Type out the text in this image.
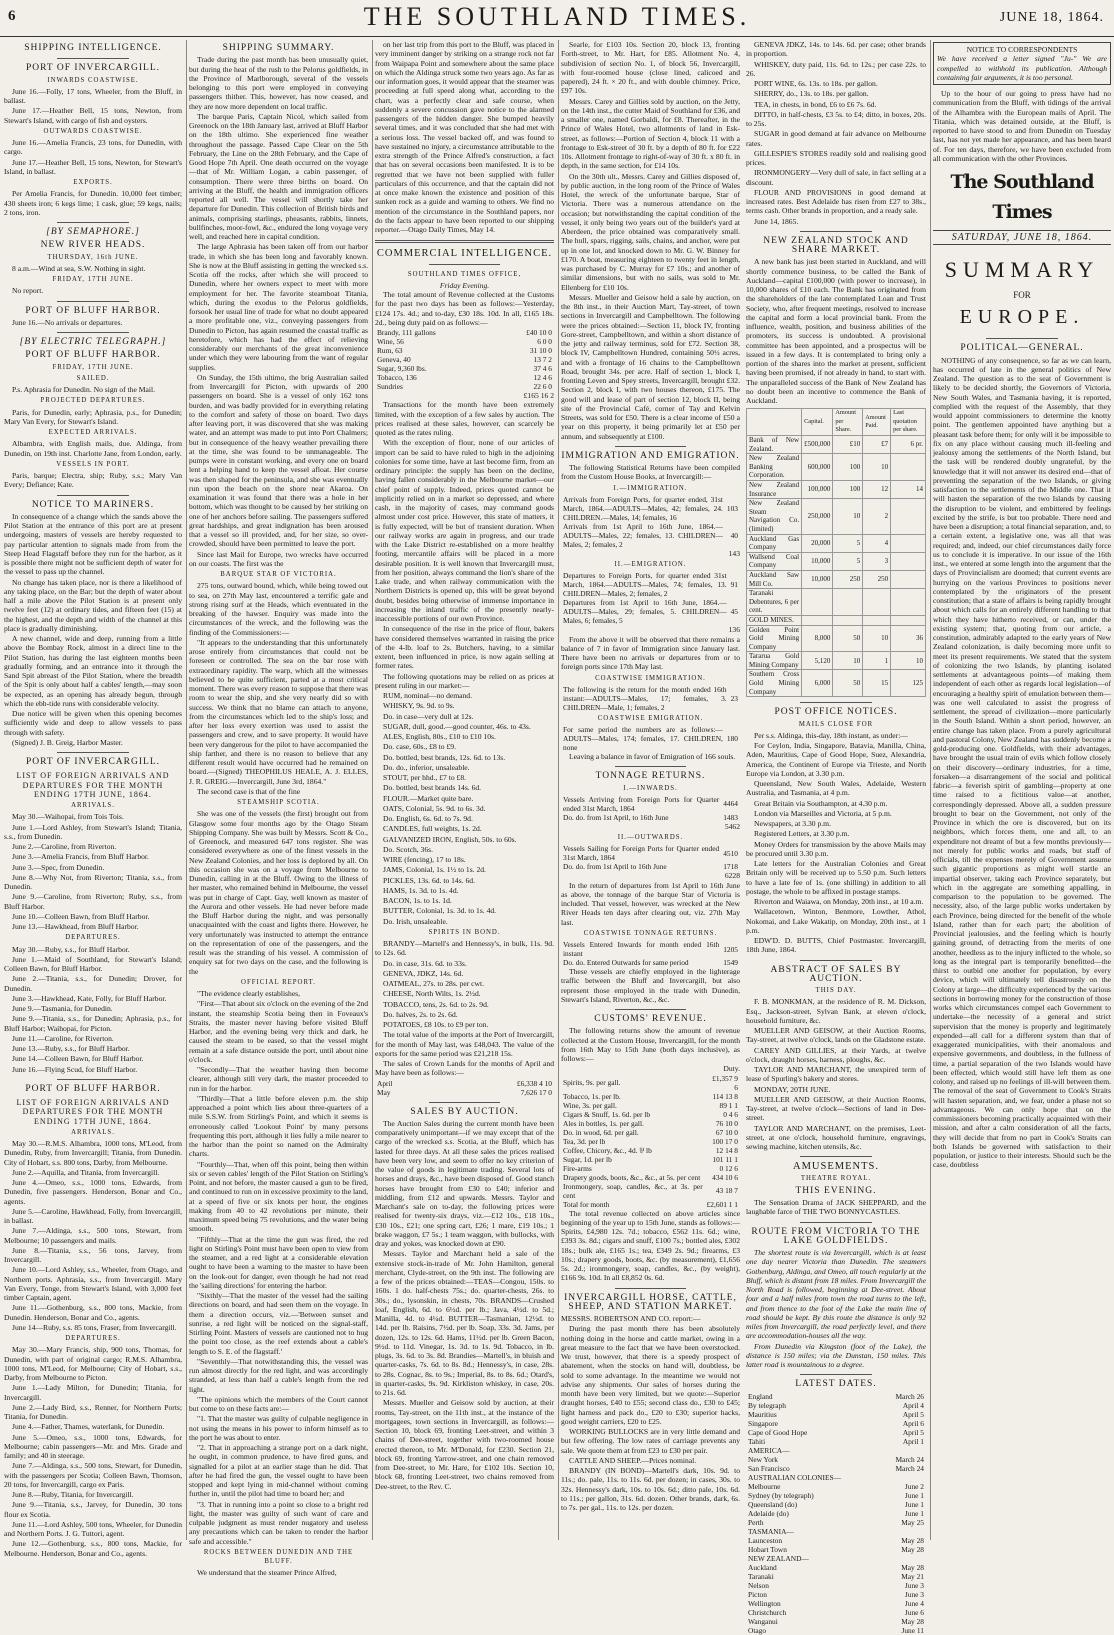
6	THE SOUTHLAND TIMES.	JUNE 18, 1864.
SHIPPING INTELLIGENCE.
PORT OF INVERCARGILL.
INWARDS COASTWISE.

June 16.—Folly, 17 tons, Wheeler, from the Bluff, in ballast.

June 17.—Heather Bell, 15 tons, Newton, from Stewart's Island, with cargo of fish and oysters.

OUTWARDS COASTWISE.

June 16.—Amelia Francis, 23 tons, for Dunedin, with cargo.

June 17.—Heather Bell, 15 tons, Newton, for Stewart's Island, in ballast.

EXPORTS.

Per Amelia Francis, for Dunedin. 10,000 feet timber; 430 sheets iron; 6 kegs lime; 1 cask, glue; 59 kegs, nails; 2 tons, iron.

[BY SEMAPHORE.]
NEW RIVER HEADS.
THURSDAY, 16th JUNE.

8 a.m.—Wind at sea, S.W. Nothing in sight.

FRIDAY, 17TH JUNE.

No report.

PORT OF BLUFF HARBOR.

June 16.—No arrivals or departures.

[BY ELECTRIC TELEGRAPH.]
PORT OF BLUFF HARBOR.
FRIDAY, 17TH JUNE.
SAILED.

P.s. Aphrasia for Dunedin. No sign of the Mail.

PROJECTED DEPARTURES.

Paris, for Dunedin, early; Aphrasia, p.s., for Dunedin; Mary Van Every, for Stewart's Island.

EXPECTED ARRIVALS.

Albambra, with English mails, due. Aldinga, from Dunedin, on 19th inst. Charlotte Jane, from London, early.

VESSELS IN PORT.

Paris, barque; Electra, ship; Ruby, s.s.; Mary Van Every; Defiance; Kate.

NOTICE TO MARINERS.

In consequence of a change which the sands above the Pilot Station at the entrance of this port are at present undergoing, masters of vessels are hereby requested to pay particular attention to signals made from from the Steep Head Flagstaff before they run for the harbor, as it is possible there might not be sufficient depth of water for the vessel to pass up the channel.

No change has taken place, nor is there a likelihood of any taking place, on the Bar; but the depth of water about half a mile above the Pilot Station is at present only twelve feet (12) at ordinary tides, and fifteen feet (15) at the highest, and the depth and width of the channel at this place is gradually diminishing.

A new channel, wide and deep, running from a little above the Bombay Rock, almost in a direct line to the Pilot Station, has during the last eighteen months been gradually forming, and an entrance into it through the Sand Spit abreast of the Pilot Station, where the breadth of the Spit is only about half a cables' length,—may soon be expected, as an opening has already begun, through which the ebb-tide runs with considerable velocity.

Due notice will be given when this opening becomes sufficiently wide and deep to allow vessels to pass through with safety.

(Signed) J. B. Greig, Harbor Master.

PORT OF INVERCARGILL.
LIST OF FOREIGN ARRIVALS AND DEPARTURES FOR THE MONTH ENDING 17TH JUNE, 1864.
ARRIVALS.

May 30.—Waihopai, from Tois Tois.

June 1.—Lord Ashley, from Stewart's Island; Titania, s.s., from Dunedin.

June 2.—Caroline, from Riverton.

June 3.—Amelia Francis, from Bluff Harbor.

June 3.—Spec, from Dunedin.

June 8.—Why Not, from Riverton; Titania, s.s., from Dunedin.

June 9.—Caroline, from Riverton; Ruby, s.s., from Bluff Harbor.

June 10.—Colleen Bawn, from Bluff Harbor.

June 13.—Hawkhead, from Bluff Harbor.

DEPARTURES.

May 30.—Ruby, s.s., for Bluff Harbor.

June 1.—Maid of Southland, for Stewart's Island; Colleen Bawn, for Bluff Harbor.

June 2.—Titania, s.s., for Dunedin; Drover, for Dunedin.

June 3.—Hawkhead, Kate, Folly, for Bluff Harbor.

June 9.—Tasmania, for Dunedin.

June 9.—Titania, s.s., for Dunedin; Aphrasia, p.s., for Bluff Harbor; Waihopai, for Picton.

June 11.—Caroline, for Riverton.

June 13.—Ruby, s.s., for Bluff Harbor.

June 14.—Colleen Bawn, for Bluff Harbor.

June 16.—Flying Scud, for Bluff Harbor.

PORT OF BLUFF HARBOR.
LIST OF FOREIGN ARRIVALS AND DEPARTURES FOR THE MONTH ENDING 17TH JUNE, 1864.
ARRIVALS.

May 30.—R.M.S. Alhambra, 1000 tons, M'Leod, from Dunedin, Ruby, from Invercargill; Titania, from Dunedin. City of Hobart, s.s. 800 tons, Darby, from Melbourne.

June 2.—Aquilla, and Titania, from Invercargill.

June 4.—Omeo, s.s., 1000 tons, Edwards, from Dunedin, five passengers. Henderson, Bonar and Co., agents.

June 5.—Caroline, Hawkhead, Folly, from Invercargill, in ballast.

June 7.—Aldinga, s.s., 500 tons, Stewart, from Melbourne; 10 passengers and mails.

June 8.—Titania, s.s., 56 tons, Jarvey, from Invercargill.

June 10.—Lord Ashley, s.s., Wheeler, from Otago, and Northern ports. Aphrasia, s.s., from Invercargill. Mary Van Every, Tonge, from Stewart's Island, with 3,000 feet timber Captain, agent.

June 11.—Gothenburg, s.s., 800 tons, Mackie, from Dunedin. Henderson, Bonar and Co., agents.

June 14—Ruby, s.s. 85 tons, Fraser, from Invercargill.

DEPARTURES.

May 30.—Mary Francis, ship, 900 tons, Thomas, for Dunedin, with part of original cargo; R.M.S. Alhambra, 1000 tons, M'Leod, for Melbourne; City of Hobart, s.s., Darby, from Melbourne to Picton.

June 1.—Lady Milton, for Dunedin; Titania, for Invercargill.

June 2.—Lady Bird, s.s., Renner, for Northern Ports; Titania, for Dunedin.

June 4.—Father, Thames, waterlank, for Dunedin.

June 5.—Omeo, s.s., 1000 tons, Edwards, for Melbourne; cabin passengers—Mr. and Mrs. Grade and family; and 40 in steerage.

June 7.—Aldinga, s.s., 500 tons, Stewart, for Dunedin, with the passengers per Scotia; Colleen Bawn, Thomson, 20 tons, for Invercargill, cargo ex Paris.

June 8.—Ruby, Titania, for Invercargill.

June 9.—Titania, s.s., Jarvey, for Dunedin, 30 tons flour ex Scotia.

June 11.—Lord Ashley, 500 tons, Wheeler, for Dunedin and Northern Ports. J. G. Tuttori, agent.

June 12.—Gothenburg, s.s., 800 tons, Mackie, for Melbourne. Henderson, Bonar and Co., agents.

SHIPPING SUMMARY.

Trade during the past month has been unusually quiet, but during the heat of the rush to the Pelorus goldfields, in the Province of Marlborough, several of the vessels belonging to this port were employed in conveying passengers thither. This, however, has now ceased, and they are now more dependent on local traffic.

The barque Paris, Captain Nicol, which sailed from Greenock on the 18th January last, arrived at Bluff Harbor on the 18th ultimo. She experienced fine weather throughout the passage. Passed Cape Clear on the 5th February, the Line on the 28th February, and the Cape of Good Hope 7th April. One death occurred on the voyage—that of Mr. William Logan, a cabin passenger, of consumption. There were three births on board. On arriving at the Bluff, the health and immigration officers reported all well. The vessel will shortly take her departure for Dunedin. This collection of British birds and animals, comprising starlings, pheasants, rabbits, linnets, bullfinches, moor-fowl, &c., endured the long voyage very well, and reached here in capital condition.

The large Aphrasia has been taken off from our harbor trade, in which she has been long and favorably known. She is now at the Bluff assisting in getting the wrecked s.s. Scotia off the rocks, after which she will proceed to Dunedin, where her owners expect to meet with more employment for her. The favorite steamboat Titania, which, during the exodus to the Pelorus goldfields, forsook her usual line of trade for what no doubt appeared a more profitable one, viz., conveying passengers from Dunedin to Picton, has again resumed the coastal traffic as heretofore, which has had the effect of relieving considerably our merchants of the great inconvenience under which they were labouring from the want of regular supplies.

On Sunday, the 15th ultimo, the brig Australian sailed from Invercargill for Picton, with upwards of 200 passengers on board. She is a vessel of only 162 tons burden, and was badly provided for in everything relating to the comfort and safety of those on board. Two days after leaving port, it was discovered that she was making water, and an attempt was made to put into Port Chalmers; but in consequence of the heavy weather prevailing there at the time, she was found to be unmanageable. The pumps were in constant working, and every one on board lent a helping hand to keep the vessel afloat. Her course was then shaped for the peninsula, and she was eventually run upon the beach on the shore near Akaroa. On examination it was found that there was a hole in her bottom, which was thought to be caused by her striking on one of her anchors before sailing. The passengers suffered great hardships, and great indignation has been aroused that a vessel so ill provided, and, for her size, so over-crowded, should have been permitted to leave the port.

Since last Mail for Europe, two wrecks have occurred on our coasts. The first was the

BARQUE STAR OF VICTORIA.

275 tons, outward bound, which, while being towed out to sea, on 27th May last, encountered a terrific gale and strong rising surf at the Heads, which eventuated in the breaking of the hawser. Enquiry was made into the circumstances of the wreck, and the following was the finding of the Commissioners:—

"It appears to the understanding that this unfortunately arose entirely from circumstances that could not be foreseen or controlled. The sea on the bar rose with extraordinary rapidity. The warp, which all the witnesses believed to be quite sufficient, parted at a most critical moment. There was every reason to suppose that there was room to wear the ship, and she very nearly did so with success. We think that no blame can attach to anyone, from the circumstances which led to the ship's loss; and after her loss every exertion was used to assist the passengers and crew, and to save property. It would have been very dangerous for the pilot to have accompanied the ship farther, and there is no reason to believe that any different result would have occurred had he remained on board.—(Signed) THEOPHILUS HEALE, A. J. ELLES, J. R. GREIG.—Invercargill, June 3rd, 1864."

The second case is that of the fine

STEAMSHIP SCOTIA.

She was one of the vessels (the first) brought out from Glasgow some four months ago by the Otago Steam Shipping Company. She was built by Messrs. Scott & Co., of Greenock, and measured 647 tons register. She was considered everywhere as one of the finest vessels in the New Zealand Colonies, and her loss is deplored by all. On this occasion she was on a voyage from Melbourne to Dunedin, calling in at the Bluff. Owing to the illness of her master, who remained behind in Melbourne, the vessel was put in charge of Capt. Gay, well known as master of the Aurora and other vessels. He had never before made the Bluff Harbor during the night, and was personally unacquainted with the coast and lights there. However, he very unfortunately was instructed to attempt the entrance on the representation of one of the passengers, and the result was the stranding of his vessel. A commission of enquiry sat for two days on the case, and the following is the

OFFICIAL REPORT.

"The evidence clearly establishes,

"First—That about six o'clock on the evening of the 2nd instant, the steamship Scotia being then in Foveaux's Straits, the master never having before visited Bluff Harbor, and the evening being very thick and dark, he caused the steam to be eased, so that the vessel might remain at a safe distance outside the port, until about nine o'clock.

"Secondly—That the weather having then become clearer, although still very dark, the master proceeded to run in for the harbor.

"Thirdly—That a little before eleven p.m. the ship approached a point which lies about three-quarters of a mile S.S.W. from Stirling's Point, and which it seems is erroneously called 'Lookout Point' by many persons frequenting this port, although it lies fully a mile nearer to the harbor than the point so named on the Admiralty charts.

"Fourthly—That, when off this point, being then within six or seven cables' length of the Pilot Station on Stirling's Point, and not before, the master caused a gun to be fired, and continued to run on in excessive proximity to the land, at a speed of five or six knots per hour, the engines making from 40 to 42 revolutions per minute, their maximum speed being 75 revolutions, and the water being smooth.

"Fifthly—That at the time the gun was fired, the red light on Stirling's Point must have been open to view from the steamer, and a red light at a considerable elevation ought to have been a warning to the master to have been on the look-out for danger, even though he had not read the 'sailing directions' for entering the harbor.

"Sixthly—That the master of the vessel had the sailing directions on board, and had seen them on the voyage. In them a direction occurs, viz.—'Between sunset and sunrise, a red light will be noticed on the signal-staff, Stirling Point. Masters of vessels are cautioned not to hug the point too close, as the reef extends about a cable's length to S. E. of the flagstaff.'

"Seventhly—That notwithstanding this, the vessel was run almost directly for the red light, and was accordingly stranded, at less than half a cable's length from the red light.

"The opinions which the members of the Court cannot but come to on these facts are:—

"1. That the master was guilty of culpable negligence in not using the means in his power to inform himself as to the port he was about to enter.

"2. That in approaching a strange port on a dark night, he ought, in common prudence, to have fired guns, and signalled for a pilot at an earlier stage than he did. That after he had fired the gun, the vessel ought to have been stopped and kept lying in mid-channel without coming further in, until the pilot had time to board her; and

"3. That in running into a point so close to a bright red light, the master was guilty of such want of care and culpable judgment as must render nugatory and useless any precautions which can be taken to render the harbor safe and accessible."

ROCKS BETWEEN DUNEDIN AND THE BLUFF.

We understand that the steamer Prince Alfred,

on her last trip from this port to the Bluff, was placed in very imminent danger by striking on a strange rock not far from Waipapa Point and somewhere about the same place on which the Aldinga struck some two years ago. As far as our information goes, it would appear that the steamer was proceeding at full speed along what, according to the chart, was a perfectly clear and safe course, when suddenly a severe concussion gave notice to the alarmed passengers of the hidden danger. She bumped heavily several times, and it was concluded that she had met with a serious loss. The vessel backed off, and was found to have sustained no injury, a circumstance attributable to the extra strength of the Prince Alfred's construction, a fact that has on several occasions been manifested. It is to be regretted that we have not been supplied with fuller particulars of this occurrence, and that the captain did not at once make known the existence and position of this sunken rock as a guide and warning to others. We find no mention of the circumstance in the Southland papers, nor do the facts appear to have been reported to our shipping reporter.—Otago Daily Times, May 14.

COMMERCIAL INTELLIGENCE.
SOUTHLAND TIMES OFFICE,
Friday Evening.

The total amount of Revenue collected at the Customs for the past two days has been as follows:—Yesterday, £124 17s. 4d.; and to-day, £30 18s. 10d. In all, £165 18s. 2d., being duty paid on as follows:—

Brandy, 111 gallons	£40 10 0
Wine, 56	6 0 0
Rum, 63	31 10 0
Geneva, 40	13 7 2
Sugar, 9,360 lbs.	37 4 6
Tobacco, 136	12 4 6
Sundries	22 6 0
£165 16 2

Transactions for the month have been extremely limited, with the exception of a few sales by auction. The prices realised at these sales, however, can scarcely be quoted as the rates ruling.

With the exception of flour, none of our articles of import can be said to have ruled to high in the adjoining colonies for some time, have at last become firm, from an ordinary principle: the supply has been on the decline, having fallen considerably in the Melbourne market—our chief point of supply. Indeed, prices quoted cannot be implicitly relied on in a market so depressed, and where cash, in the majority of cases, may command goods almost under cost price. However, this state of matters, it is fully expected, will be but of transient duration. When our railway works are again in progress, and our trade with the Lake District re-established on a more healthy footing, mercantile affairs will be placed in a more desirable position. It is well known that Invercargill must, from her position, always command the lion's share of the Lake trade, and when railway communication with the Northern Districts is opened up, this will be great beyond doubt, besides being otherwise of immense importance in increasing the inland traffic of the presently nearly-inaccessible portions of our own Province.

In consequence of the rise in the price of flour, bakers have considered themselves warranted in raising the price of the 4-lb. loaf to 2s. Butchers, having, to a similar extent, been influenced in price, is now again selling at former rates.

The following quotations may be relied on as prices at present ruling in our market:—

RUM, nominal—no demand.

WHISKY, 9s. 9d. to 9s.

Do. in case—very dull at 12s.

SUGAR, dull, good.—good counter, 46s. to 43s.

ALES, English, 80s., £10 to £10 10s.

Do. case, 60s., £8 to £9.

Do. bottled, best brands, 12s. 6d. to 13s.

Do. do., inferior, unsaleable.

STOUT, per hhd., £7 to £8.

Do. bottled, best brands 14s. 6d.

FLOUR.—Market quite bare.

OATS, Colonial, 5s. 9d. to 6s. 3d.

Do. English, 6s. 6d. to 7s. 9d.

CANDLES, full weights, 1s. 2d.

GALVANIZED IRON, English, 50s. to 60s.

Do. Scotch, 36s.

WIRE (fencing), 17 to 18s.

JAMS, Colonial, 1s. 1½ to 1s. 2d.

PICKLES, 13s. 6d. to 14s. 6d.

HAMS, 1s. 3d. to 1s. 4d.

BACON, 1s. to 1s. 1d.

BUTTER, Colonial, 1s. 3d. to 1s. 4d.

Do. Irish, unsaleable.

SPIRITS IN BOND.

BRANDY—Martell's and Hennessy's, in bulk, 11s. 9d. to 12s. 6d.

Do. in case, 31s. 6d. to 33s.

GENEVA, JDKZ, 14s. 6d.

OATMEAL, 27s. to 28s. per cwt.

CHEESE, North Wilts, 1s. 2½d.

TOBACCO, tens, 2s. 6d. to 2s. 9d.

Do. halves, 2s. to 2s. 6d.

POTATOES, £8 10s. to £9 per ton.

The total value of the imports at the Port of Invercargill, for the month of May last, was £48,043. The value of the exports for the same period was £21,218 15s.

The sales of Crown Lands for the months of April and May have been as follows:—

April	£6,338 4 10
May	7,626 17 0
SALES BY AUCTION.

The Auction Sales during the current month have been comparatively unimportant—if we may except that of the cargo of the wrecked s.s. Scotia, at the Bluff, which has lasted for three days. At all these sales the prices realised have been very low, and seem to offer no key criterion of the value of goods in legitimate trading. Several lots of horses and drays, &c., have been disposed of. Good stanch horses have brought from £30 to £40; inferior and middling, from £12 and upwards. Messrs. Taylor and Marchant's sale on to-day, the following prices were realised for twenty-six drays, viz.—£12 10s., £18 10s., £30 10s., £21; one spring cart, £26; 1 mare, £19 10s.; 1 brake waggon, £7 5s.; 1 team waggon, with bullocks, with dray and yokes, was knocked down at £90.

Messrs. Taylor and Marchant held a sale of the extensive stock-in-trade of Mr. John Hamilton, general merchant, Clyde-street, on the 9th inst. The following are a few of the prices obtained:—TEAS—Congou, 150s. to 160s. 1 do. half-chests 75s.; do. quarter-chests, 26s. to 30s.; do., lysonskin, in chests, 70s. BRANDS—Crushed loaf, English, 6d. to 6½d. per lb.; Java, 4½d. to 5d.; Manilla, 4d. to 4¼d. BUTTER—Tasmanian, 12½d. to 14d. per lb. Raisins, 7½d. per lb. Soap, 33s. 3d. Jams, per dozen, 12s. to 12s. 6d. Hams, 11½d. per lb. Green Bacon, 9½d. to 11d. Vinegar, 1s. 3d. to 1s. 9d. Tobacco, in lb. plugs, 3s. 6d. to 3s. 8d. Brandies—Martell's, in bluish and quarter-casks, 7s. 6d. to 8s. 8d.; Hennessy's, in case, 28s. to 28s. Cognac, 8s. to 9s.; Imperial, 8s. to 8s. 6d.; Otard's, in quarter-casks, 9s. 9d. Kirkliston whiskey, in case, 20s. to 21s. 6d.

Messrs. Mueller and Geisow sold by auction, at their rooms, Tay-street, on the 11th inst., at the instance of the mortgagees, town sections in Invercargill, as follows:—Section 10, block 69, fronting Leet-street, and within 3 chains of Dee-street, together with two-roomed house erected thereon, to Mr. M'Donald, for £230. Section 21, block 69, fronting Yarrow-street, and one chain removed from Dee-street, to Mr. Hare, for £102 10s. Section 10, block 68, fronting Leet-street, two chains removed from Dee-street, to the Rev. C.

Searle, for £103 10s. Section 20, block 13, fronting Forth-street, to Mr. Hart, for £85. Allotment No. 4, subdivision of section No. 1, of block 56, Invercargill, with four-roomed house (close lined, calicoed and papered), 24 ft. × 20 ft., and with double chimney. Price, £97 10s.

Messrs. Carey and Gillies sold by auction, on the Jetty, on the 14th inst., the cutter Maid of Southland for £36, and a smaller one, named Gorbaldi, for £8. Thereafter, in the Prince of Wales Hotel, two allotments of land in Esk-street, as follows:—Portion of Section 4, block 11 with a frontage to Esk-street of 30 ft. by a depth of 80 ft. for £22 10s. Allotment frontage to right-of-way of 30 ft. x 80 ft. in depth, in the same section, for £14 10s.

On the 30th ult., Messrs. Carey and Gillies disposed of, by public auction, in the long room of the Prince of Wales Hotel, the wreck of the unfortunate barque, Star of Victoria. There was a numerous attendance on the occasion; but notwithstanding the capital condition of the vessel, it only being two years out of the builder's yard at Aberdeen, the price obtained was comparatively small. The hull, spars, rigging, sails, chains, and anchor, were put up in one lot, and knocked down to Mr. G. W. Binney for £170. A boat, measuring eighteen to twenty feet in length, was purchased by C. Murray for £7 10s.; and another of similar dimensions, but with no sails, was sold to Mr. Ellenberg for £10 10s.

Messrs. Mueller and Geisow held a sale by auction, on the 8th inst., in their Auction Mart, Tay-street, of town sections in Invercargill and Campbelltown. The following were the prices obtained:—Section 11, block IV, fronting Gore-street, Campbelltown, and within a short distance of the jetty and railway terminus, sold for £72. Section 38, block IV, Campbelltown Hundred, containing 50½ acres, and with a frontage of 16 chains to the Campbelltown Road, brought 34s. per acre. Half of section 1, block I, fronting Leven and Spey streets, Invercargill, brought £32. Section 2, block I, with two houses thereon, £175. The good will and lease of part of section 12, block II, being site of the Provincial Café, corner of Tay and Kelvin Streets, was sold for £50. There is a clear income of £50 a year on this property, it being primarily let at £50 per annum, and subsequently at £100.

IMMIGRATION AND EMIGRATION.

The following Statistical Returns have been compiled from the Custom House Books, at Invercargill:—

I.—IMMIGRATION.
Arrivals from Foreign Ports, for quarter ended, 31st March, 1864.—ADULTS—Males, 42; females, 24. CHILDREN.—Males, 14; females, 16	103
Arrivals from 1st April to 16th June, 1864.—ADULTS—Males, 22; females, 13. CHILDREN—Males, 2; females, 2	40
143
II.—EMIGRATION.
Departures to Foreign Ports, for quarter ended 31st March, 1864.—ADULTS—Males, 74; females, 13. CHILDREN—Males, 2; females, 2	91
Departures from 1st April to 16th June, 1864.—ADULTS—Males, 29; females, 5. CHILDREN—Males, 6; females, 5	45
136

From the above it will be observed that there remains a balance of 7 in favor of Immigration since January last. There have been no arrivals or departures from or to foreign ports since 17th May last.

COASTWISE IMMIGRATION.
The following is the return for the month ended 16th instant:—ADULTS—Males, 17; females, 3. CHILDREN—Male, 1; females, 2	23
COASTWISE EMIGRATION.
For same period the numbers are as follows:—ADULTS—Males, 174; females, 17. CHILDREN, none	180

Leaving a balance in favor of Emigration of 166 souls.

TONNAGE RETURNS.
I.—INWARDS.
Vessels Arriving from Foreign Ports for Quarter ended 31st March, 1864	4464
Do. do. from 1st April, to 16th June	1483
5462
II.—OUTWARDS.
Vessels Sailing for Foreign Ports for Quarter ended 31st March, 1864	4510
Do. do. from 1st April to 16th June	1718
6228

In the return of departures from 1st April to 16th June as above, the tonnage of the barque Star of Victoria is included. That vessel, however, was wrecked at the New River Heads ten days after clearing out, viz. 27th May last.

COASTWISE TONNAGE RETURNS.
Vessels Entered Inwards for month ended 16th instant	1205
Do. do. Entered Outwards for same period	1549

These vessels are chiefly employed in the lighterage traffic between the Bluff and Invercargill, but also represent those employed in the trade with Dunedin, Stewart's Island, Riverton, &c., &c.

CUSTOMS' REVENUE.

The following returns show the amount of revenue collected at the Custom House, Invercargill, for the month from 16th May to 15th June (both days inclusive), as follows:—

Duty.
Spirits, 9s. per gall.	£1,357 9 6
Tobacco, 1s. per lb.	114 13 8
Wine, 3s. per gall.	89 1 1
Cigars & Snuff, 1s. 6d. per lb	0 4 6
Ales in bottles, 1s. per gall.	76 10 0
Do. in wood, 6d. per gall.	67 10 0
Tea, 3d. per lb	100 17 0
Coffee, Chicory, &c., 4d. ⅌ lb	12 14 8
Sugar, 1d. per lb	101 11 1
Fire-arms	0 12 6
Drapery goods, boots, &c., &c., at 5s. per cent	434 10 6
Ironmongery, soap, candles, &c., at 3s. per cent	43 18 7
Total for month	£2,601 1 1

The total revenue collected on above articles since beginning of the year up to 15th June, stands as follows:—Spirits, £4,980 12s. 7d.; tobacco, £562 11s. 6d.; wine, £393 3s. 8d.; cigars and snuff, £100 7s.; bottled ales, £302 18s.; bulk ale, £165 1s.; tea, £349 2s. 9d.; firearms, £3 10s.; drapery goods, boots, &c. (by measurement), £1,656 5s. 2d.; ironmongery, soap, candles, &c., (by weight), £166 9s. 10d. In all £8,852 0s. 6d.

INVERCARGILL HORSE, CATTLE, SHEEP, AND STATION MARKET.

MESSRS. ROBERTSON AND CO. report:—

During the past month there has been absolutely nothing doing in the horse and cattle market, owing in a great measure to the fact that we have been overstocked. We trust, however, that there is a speedy prospect of abatement, when the stocks on hand will, doubtless, be sold to some advantage. In the meantime we would not advise any shipments. Our sales of horses during the month have been very limited, but we quote:—Superior draught horses, £40 to £55; second class do., £30 to £45; light harness and pack do., £20 to £30; superior hacks, good weight carriers, £20 to £25.

WORKING BULLOCKS are in very little demand and but few offering. The low rates of carriage prevents any sale. We quote them at from £23 to £30 per pair.

CATTLE AND SHEEP.—Prices nominal.

BRANDY (IN BOND)—Martell's dark, 10s. 9d. to 11s.; do. pale, 11s. to 11s. 6d. per dozen; in cases, 30s. to 32s. Hennessy's dark, 10s. to 10s. 6d.; ditto pale, 10s. 6d. to 11s.; per gallon, 31s. 6d. dozen. Other brands, dark, 6s. to 7s. per gal., 11s. to 12s. per dozen.

NOTICE TO CORRESPONDENTS
We have received a letter signed "Ju-" We are compelled to withhold its publication. Although containing fair arguments, it is too personal.

Up to the hour of our going to press have had no communication from the Bluff, with tidings of the arrival of the Alhambra with the European mails of April. The Titania, which was detained outside, at the Bluff, is reported to have stood to and from Dunedin on Tuesday last, has not yet made her appearance, and has been heard of. For ten days, therefore, we have been excluded from all communication with the other Provinces.

The Southland Times
SATURDAY, JUNE 18, 1864.
SUMMARY
FOR
EUROPE.
POLITICAL—GENERAL.

NOTHING of any consequence, so far as we can learn, has occurred of late in the general politics of New Zealand. The question as to the seat of Government is likely to be decided shortly, the Governors of Victoria, New South Wales, and Tasmania having, it is reported, complied with the request of the Assembly, that they would appoint commissioners to determine the knotty point. The gentlemen appointed have anything but a pleasant task before them; for only will it be impossible to fix on any place without causing much ill-feeling and jealousy among the settlements of the North Island, but the task will be rendered doubly ungrateful, by the knowledge that it will not answer its desired end—that of preventing the separation of the two Islands, or giving satisfaction to the settlements of the Middle one. That it will hasten the separation of the two Islands by causing the disruption to be violent, and embittered by feelings excited by the strife, is but too probable. There need and have been a disruption; a total financial separation, and, to a certain extent, a legislative one, was all that was required; and, indeed, our chief circumstances daily force us to conclude it is imperative. In our issue of the 16th inst., we entered at some length into the argument that the days of Provincialism are doomed; that current events are hurrying on the various Provinces to positions never contemplated by the originators of the present constitution; that a state of affairs is being rapidly brought about which calls for an entirely different handling to that which they have hitherto received, or can, under the existing system; that, quoting from our article, a constitution, admirably adapted to the early years of New Zealand colonization, is daily becoming more unfit to meet its present requirements. We stated that the system of colonizing the two Islands, by planting isolated settlements at advantageous points—of making them independent of each other as regards local legislation—of encouraging a healthy spirit of emulation between them—was one well calculated to assist the progress of settlement, the spread of civilization—more particularly in the South Island. Within a short period, however, an entire change has taken place. From a purely agricultural and pastoral Colony, New Zealand has suddenly become a gold-producing one. Goldfields, with their advantages, have brought the usual train of evils which follow closely on their discovery—ordinary industries, for a time, forsaken—a disarrangement of the social and political fabric—a feverish spirit of gambling—property at one time raised to a fictitious value—at another, correspondingly depressed. Above all, a sudden pressure brought to bear on the Government, not only of the Province in which the ore is discovered, but on its neighbors, which forces them, one and all, to an expenditure not dreamt of but a few months previously—not merely for public works and roads, but staff of officials, till the expenses merely of Government assume such gigantic proportions as might well startle an impartial observer, taking each Province separately, but which in the aggregate are something appalling, in comparison to the population to be governed. The necessity, also, of the large public works undertaken by each Province, being directed for the benefit of the whole Island, rather than for each part; the abolition of Provincial jealousies, and the feeling which is hourly gaining ground, of detracting from the merits of one another, heedless as to the injury inflicted to the whole, so long as the integral part is temporarily benefitted—the thirst to outbid one another for population, by every device, which will ultimately tell disastrously on the Colony at large—the difficulty experienced by the various sections in borrowing money for the construction of those works which circumstances compel each Government to undertake—the necessity of a general and strict supervision that the money is properly and legitimately expended—all call for a different system than that of exaggerated municipalities, with their anomalous and expensive governments, and doubtless, in the fullness of time, a partial separation of the two Islands would have been effected, which would still have left them as one colony, and raised up no feelings of ill-will between them. The removal of the seat of Government to Cook's Straits will hasten separation, and, we fear, under a phase not so advantageous. We can only hope that on the commissioners becoming practically acquainted with their mission, and after a calm consideration of all the facts, they will decide that from no part in Cook's Straits can both Islands be governed with satisfaction to their population, or justice to their interests. Should such be the case, doubtless

GENEVA JDKZ, 14s. to 14s. 6d. per case; other brands in proportion.

WHISKEY, duty paid, 11s. 6d. to 12s.; per case 22s. to 26.

PORT WINE, 6s. 13s. to 18s. per gallon.

SHERRY, do., 13s. to 18s. per gallon.

TEA, in chests, in bond, £6 to £6 7s. 6d.

DITTO, in half-chests, £3 5s. to £4; ditto, in boxes, 20s. to 25s.

SUGAR in good demand at fair advance on Melbourne rates.

GILLESPIE'S STORES readily sold and realising good prices.

IRONMONGERY—Very dull of sale, in fact selling at a discount.

FLOUR AND PROVISIONS in good demand at increased rates. Best Adelaide has risen from £27 to 38s., terms cash. Other brands in proportion, and a ready sale.

June 14, 1865.

NEW ZEALAND STOCK AND SHARE MARKET.

A new bank has just been started in Auckland, and will shortly commence business, to be called the Bank of Auckland—capital £100,000 (with power to increase), in 10,000 shares of £10 each. The Bank has originated from the shareholders of the late contemplated Loan and Trust Society, who, after frequent meetings, resolved to increase the capital and form a local provincial bank. From the influence, wealth, position, and business abilities of the promoters, its success is undoubted. A provisional committee has been appointed, and a prospectus will be issued in a few days. It is contemplated to bring only a portion of the shares into the market at present, sufficient having been promised, if not already in hand, to start with. The unparalleled success of the Bank of New Zealand has no doubt been an incentive to commence the Bank of Auckland.

	Capital.	Amount per Share.	Amount Paid.	Last quotation per share.
Bank of New Zealand.	£500,000	£10	£7	6 pr.
New Zealand Banking Corporation.	600,000	100	10	
New Zealand Insurance	100,000	100	12	14
New Zealand Steam Navigation Co. (limited)	250,000	10	2	
Auckland Gas Company	20,000	5	4	
Wallsend Coal Company	10,000	5	3	
Auckland Saw Mill Co.	10,000	250	250	
Taranaki Debentures, 6 per cent.				
GOLD MINES.				
Golden Point Gold Mining Company	8,000	50	10	36
Tararua Gold Mining Company	5,120	10	1	10
Southern Cross Gold Mining Company	6,000	50	15	125
POST OFFICE NOTICES.
MAILS CLOSE FOR

Per s.s. Aldinga, this-day, 18th instant, as under:—

For Ceylon, India, Singapore, Batavia, Manilla, China, Aden, Mauritius, Cape of Good Hope, Suez, Alexandria, America, the Continent of Europe via Trieste, and North Europe via London, at 3.30 p.m.

Queensland, New South Wales, Adelaide, Western Australia, and Tasmania, at 4 p.m.

Great Britain via Southampton, at 4.30 p.m.

London via Marseilles and Victoria, at 5 p.m.

Newspapers, at 3.30 p.m.

Registered Letters, at 3.30 p.m.

Money Orders for transmission by the above Mails may be procured until 3.30 p.m.

Late letters for the Australian Colonies and Great Britain only will be received up to 5.50 p.m. Such letters to have a late fee of 1s. (one shilling) in addition to all postage, the whole to be affixed in postage stamps.

Riverton and Waiawa, on Monday, 20th inst., at 10 a.m.

Wallacetown, Winton, Benmore, Lowther, Athol, Nokomai, and Lake Wakatip, on Monday, 20th inst., at 1 p.m.

EDW'D. D. BUTTS, Chief Postmaster. Invercargill, 18th June, 1864.

ABSTRACT OF SALES BY AUCTION.
THIS DAY.

F. B. MONKMAN, at the residence of R. M. Dickson, Esq., Jackson-street, Sylvan Bank, at eleven o'clock, household furniture, &c.

MUELLER AND GEISOW, at their Auction Rooms, Tay-street, at twelve o'clock, lands on the Gladstone estate.

CAREY AND GILLIES, at their Yards, at twelve o'clock, draught horses, harness, ploughs, &c.

TAYLOR AND MARCHANT, the unexpired term of lease of Spurling's bakery and stores.

MONDAY, 20TH JUNE.

MUELLER AND GEISOW, at their Auction Rooms, Tay-street, at twelve o'clock—Sections of land in Dee-street.

TAYLOR AND MARCHANT, on the premises, Leet-street, at one o'clock, household furniture, engravings, sewing machine, kitchen utensils, &c.

AMUSEMENTS.
THEATRE ROYAL.
THIS EVENING.

The Sensation Drama of JACK SHEPPARD, and the laughable farce of THE TWO BONNYCASTLES.

ROUTE FROM VICTORIA TO THE LAKE GOLDFIELDS.

The shortest route is via Invercargill, which is at least one day nearer Victoria than Dunedin. The steamers Gothenburg, Aldinga, and Omeo, all touch regularly at the Bluff, which is distant from 18 miles. From Invercargill the North Road is followed, beginning at Dee-street. About four and a half miles from town the road turns to the left, and from thence to the foot of the Lake the main line of road should be kept. By this route the distance is only 92 miles from Invercargill, the road perfectly level, and there are accommodation-houses all the way.

From Dunedin via Kingston (foot of the Lake), the distance is 150 miles; via the Dunstan, 150 miles. This latter road is mountainous to a degree.

LATEST DATES.
England	March 26
By telegraph	April 4
Mauritius	April 5
Singapore	April 6
Cape of Good Hope	April 5
Tahiti	April 1
AMERICA—	
New York	March 24
San Francisco	March 24
AUSTRALIAN COLONIES—	
Melbourne	June 2
Sydney (by telegraph)	June 1
Queensland (do)	June 1
Adelaide (do)	June 1
Perth	May 25
TASMANIA—	
Launceston	May 28
Hobart Town	May 28
NEW ZEALAND—	
Auckland	May 28
Taranaki	May 21
Nelson	June 3
Picton	June 3
Wellington	June 4
Christchurch	June 6
Wanganui	May 28
Otago	June 11
